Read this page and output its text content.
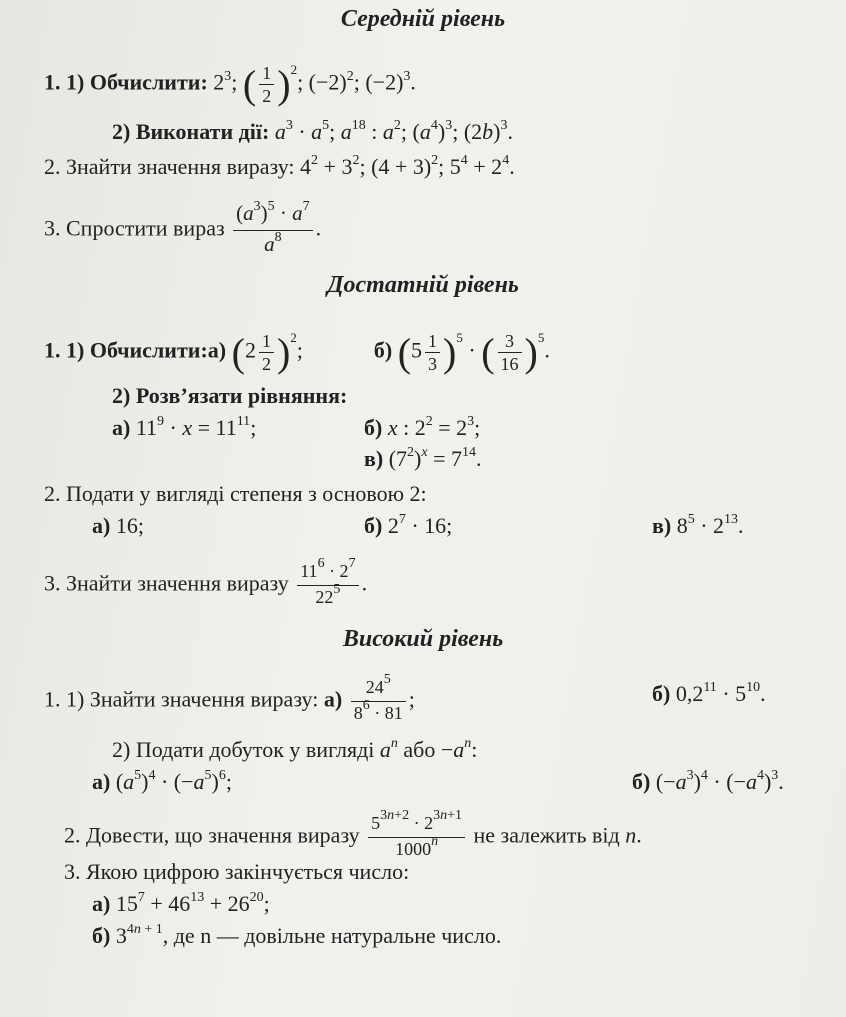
Середній рівень
1. 1) Обчислити: $2^3$; ( $\frac{1}{2} )^2$; $(-2)^2$; $(-2)^3$.
2) Виконати дії: $a^3 \cdot a^5$; $a^{18}$ : $a^2$; $(a^4)^3$; $(2b)^3$.
2. Знайти значення виразу: $4^2 + 3^2$; $(4 + 3)^2$; $5^4 + 2^4$.
3. Спростити вираз $\frac{(a^3)^5 \cdot a^7}{a^8}$ .
Достатній рівень
1. 1) Обчислити:а) $(2 \frac{1}{2} )^2$;	б) $(5 \frac{1}{3} )^5$ · ( $\frac{3}{16} )^5$.
2) Розв’язати рівняння:
а) $11^9 \cdot x = 11^{11}$;	б) x : $2^2 = 2^3$;
в) $(7^2)^x = 7^{14}$.
2. Подати у вигляді степеня з основою 2:
а) 16;	б) $2^7 \cdot 16$;	в) $8^5 \cdot 2^{13}$.
3. Знайти значення виразу $\frac{11^6 \cdot 2^7}{22^5}$ .
Високий рівень
1. 1) Знайти значення виразу: $а) \frac{24^5}{8^6 \cdot 81}$ ;	б) $0,2^{11} \cdot 5^{10}$.
2) Подати добуток у вигляді $a^n$ або $-a^n$:
а) $(a^5)^4 \cdot (-a^5)^6$;	б) $(-a^3)^4 \cdot (-a^4)^3$.
2. Довести, що значення виразу $\frac{5^{3n+2} \cdot 2^{3n+1}}{1000^n}$ не залежить від n.
3. Якою цифрою закінчується число:
а) $15^7 + 46^{13} + 26^{20}$;
б) $3^{4n + 1}$, де n — довільне натуральне число.
